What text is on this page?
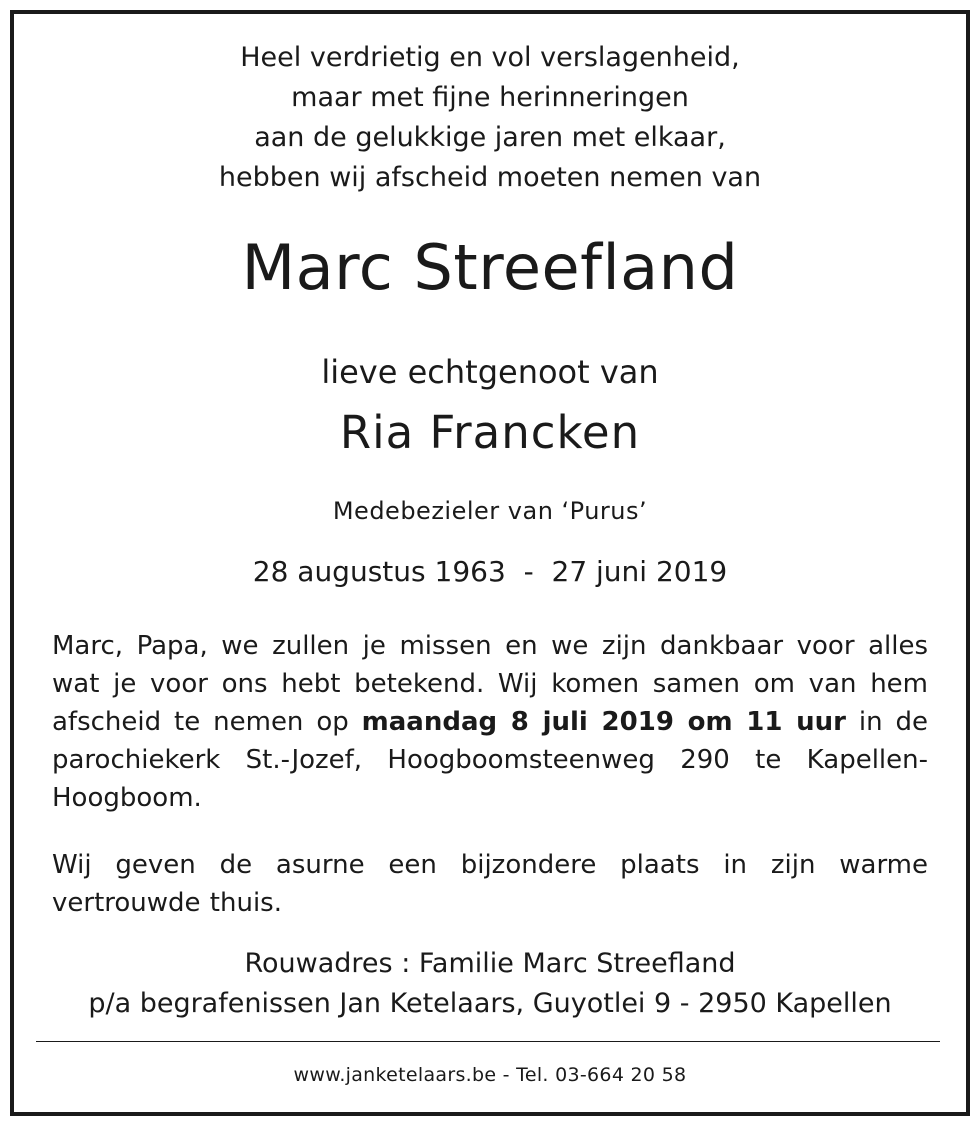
Heel verdrietig en vol verslagenheid,
maar met fijne herinneringen
aan de gelukkige jaren met elkaar,
hebben wij afscheid moeten nemen van
Marc Streefland
lieve echtgenoot van
Ria Francken
Medebezieler van ‘Purus’
28 augustus 1963 - 27 juni 2019
Marc, Papa, we zullen je missen en we zijn dankbaar voor alles wat je voor ons hebt betekend. Wij komen samen om van hem afscheid te nemen op maandag 8 juli 2019 om 11 uur in de parochiekerk St.-Jozef, Hoogboomsteenweg 290 te Kapellen-Hoogboom.
Wij geven de asurne een bijzondere plaats in zijn warme vertrouwde thuis.
Rouwadres : Familie Marc Streefland
p/a begrafenissen Jan Ketelaars, Guyotlei 9 - 2950 Kapellen
www.janketelaars.be - Tel. 03-664 20 58
